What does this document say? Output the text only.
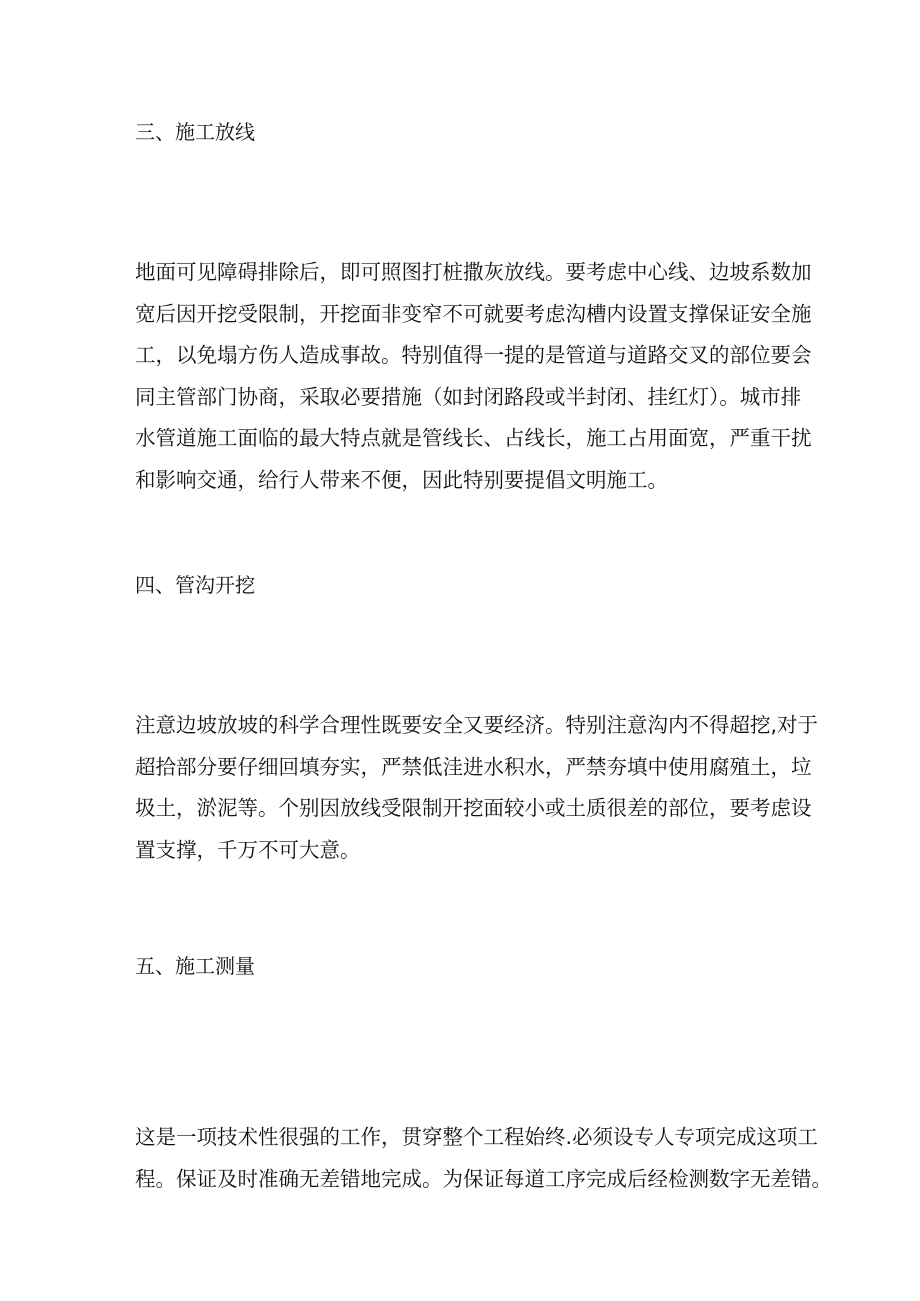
三、施工放线
地面可见障碍排除后，即可照图打桩撒灰放线。要考虑中心线、边坡系数加
宽后因开挖受限制，开挖面非变窄不可就要考虑沟槽内设置支撑保证安全施
工，以免塌方伤人造成事故。特别值得一提的是管道与道路交叉的部位要会
同主管部门协商，采取必要措施（如封闭路段或半封闭、挂红灯）。城市排
水管道施工面临的最大特点就是管线长、占线长，施工占用面宽，严重干扰
和影响交通，给行人带来不便，因此特别要提倡文明施工。
四、管沟开挖
注意边坡放坡的科学合理性既要安全又要经济。特别注意沟内不得超挖,对于
超拾部分要仔细回填夯实，严禁低洼进水积水，严禁夯填中使用腐殖土，垃
圾土，淤泥等。个别因放线受限制开挖面较小或土质很差的部位，要考虑设
置支撑，千万不可大意。
五、施工测量
这是一项技术性很强的工作，贯穿整个工程始终.必须设专人专项完成这项工
程。保证及时准确无差错地完成。为保证每道工序完成后经检测数字无差错。
